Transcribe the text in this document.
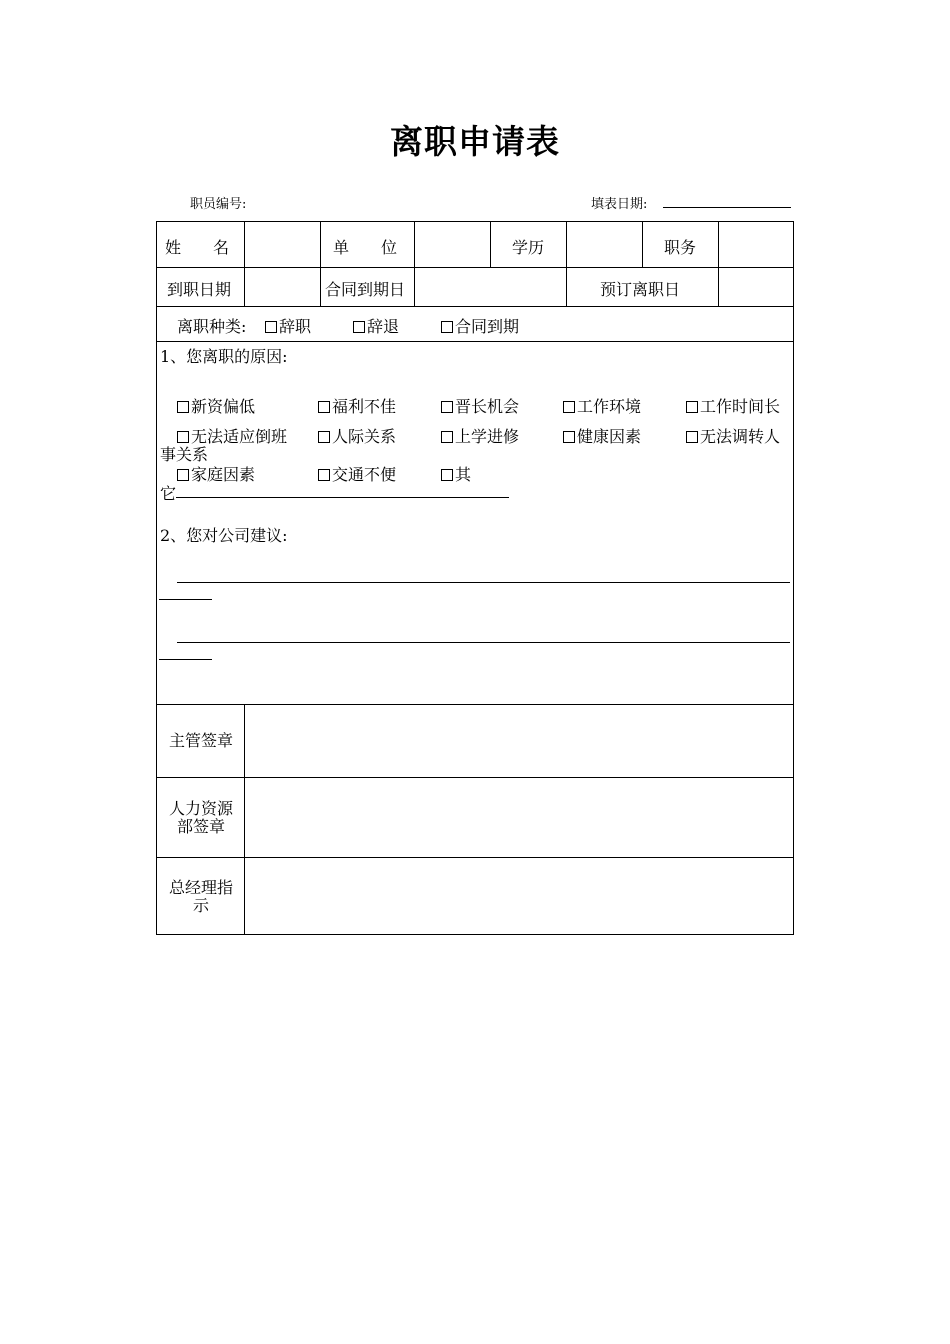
离职申请表
职员编号:	填表日期:
姓　　名	单　　位	学历	职务
到职日期	合同到期日	预订离职日
离职种类:	辞职	辞退	合同到期
1、您离职的原因:
新资偏低	福利不佳	晋长机会	工作环境	工作时间长
无法适应倒班	人际关系	上学进修	健康因素	无法调转人
事关系
家庭因素	交通不便	其
它
2、您对公司建议:
主管签章
人力资源
部签章
总经理指
示
